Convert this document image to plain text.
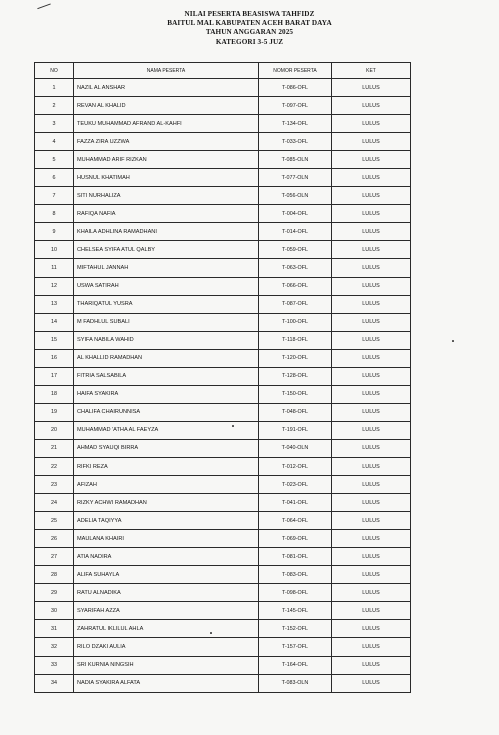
NILAI PESERTA BEASISWA TAHFIDZ
BAITUL MAL KABUPATEN ACEH BARAT DAYA
TAHUN ANGGARAN 2025
KATEGORI 3-5 JUZ
NO	NAMA PESERTA	NOMOR PESERTA	KET
1	NAZIL AL ANSHAR	T-086-OFL	LULUS
2	REVAN AL KHALID	T-097-OFL	LULUS
3	TEUKU MUHAMMAD AFRAND AL-KAHFI	T-134-OFL	LULUS
4	FAZZA ZIRA UZZWA	T-033-OFL	LULUS
5	MUHAMMAD ARIF RIZKAN	T-085-OLN	LULUS
6	HUSNUL KHATIMAH	T-077-OLN	LULUS
7	SITI NURHALIZA	T-056-OLN	LULUS
8	RAFIQA NAFIA	T-004-OFL	LULUS
9	KHAILA ADHLINA RAMADHANI	T-014-OFL	LULUS
10	CHELSEA SYIFA ATUL QALBY	T-059-OFL	LULUS
11	MIFTAHUL JANNAH	T-063-OFL	LULUS
12	USWA SATIRAH	T-066-OFL	LULUS
13	THARIQATUL YUSRA	T-087-OFL	LULUS
14	M FADHLUL SUBALI	T-100-OFL	LULUS
15	SYIFA NABILA WAHID	T-118-OFL	LULUS
16	AL KHALLID RAMADHAN	T-120-OFL	LULUS
17	FITRIA SALSABILA	T-128-OFL	LULUS
18	HAIFA SYAKIRA	T-150-OFL	LULUS
19	CHALIFA CHAIRUNNISA	T-048-OFL	LULUS
20	MUHAMMAD 'ATHA AL FAEYZA	T-191-OFL	LULUS
21	AHMAD SYAUQI BIRRA	T-040-OLN	LULUS
22	RIFKI REZA	T-012-OFL	LULUS
23	AFIZAH	T-023-OFL	LULUS
24	RIZKY ACHWI RAMADHAN	T-041-OFL	LULUS
25	ADELIA TAQIYYA	T-064-OFL	LULUS
26	MAULANA KHAIRI	T-069-OFL	LULUS
27	ATIA NADIRA	T-081-OFL	LULUS
28	ALIFA SUHAYLA	T-083-OFL	LULUS
29	RATU ALNADIKA	T-098-OFL	LULUS
30	SYARIFAH AZZA	T-145-OFL	LULUS
31	ZAHRATUL IKLILUL AHLA	T-152-OFL	LULUS
32	RILO DZAKI AULIA	T-157-OFL	LULUS
33	SRI KURNIA NINGSIH	T-164-OFL	LULUS
34	NADIA SYAKIRA ALFATA	T-083-OLN	LULUS
